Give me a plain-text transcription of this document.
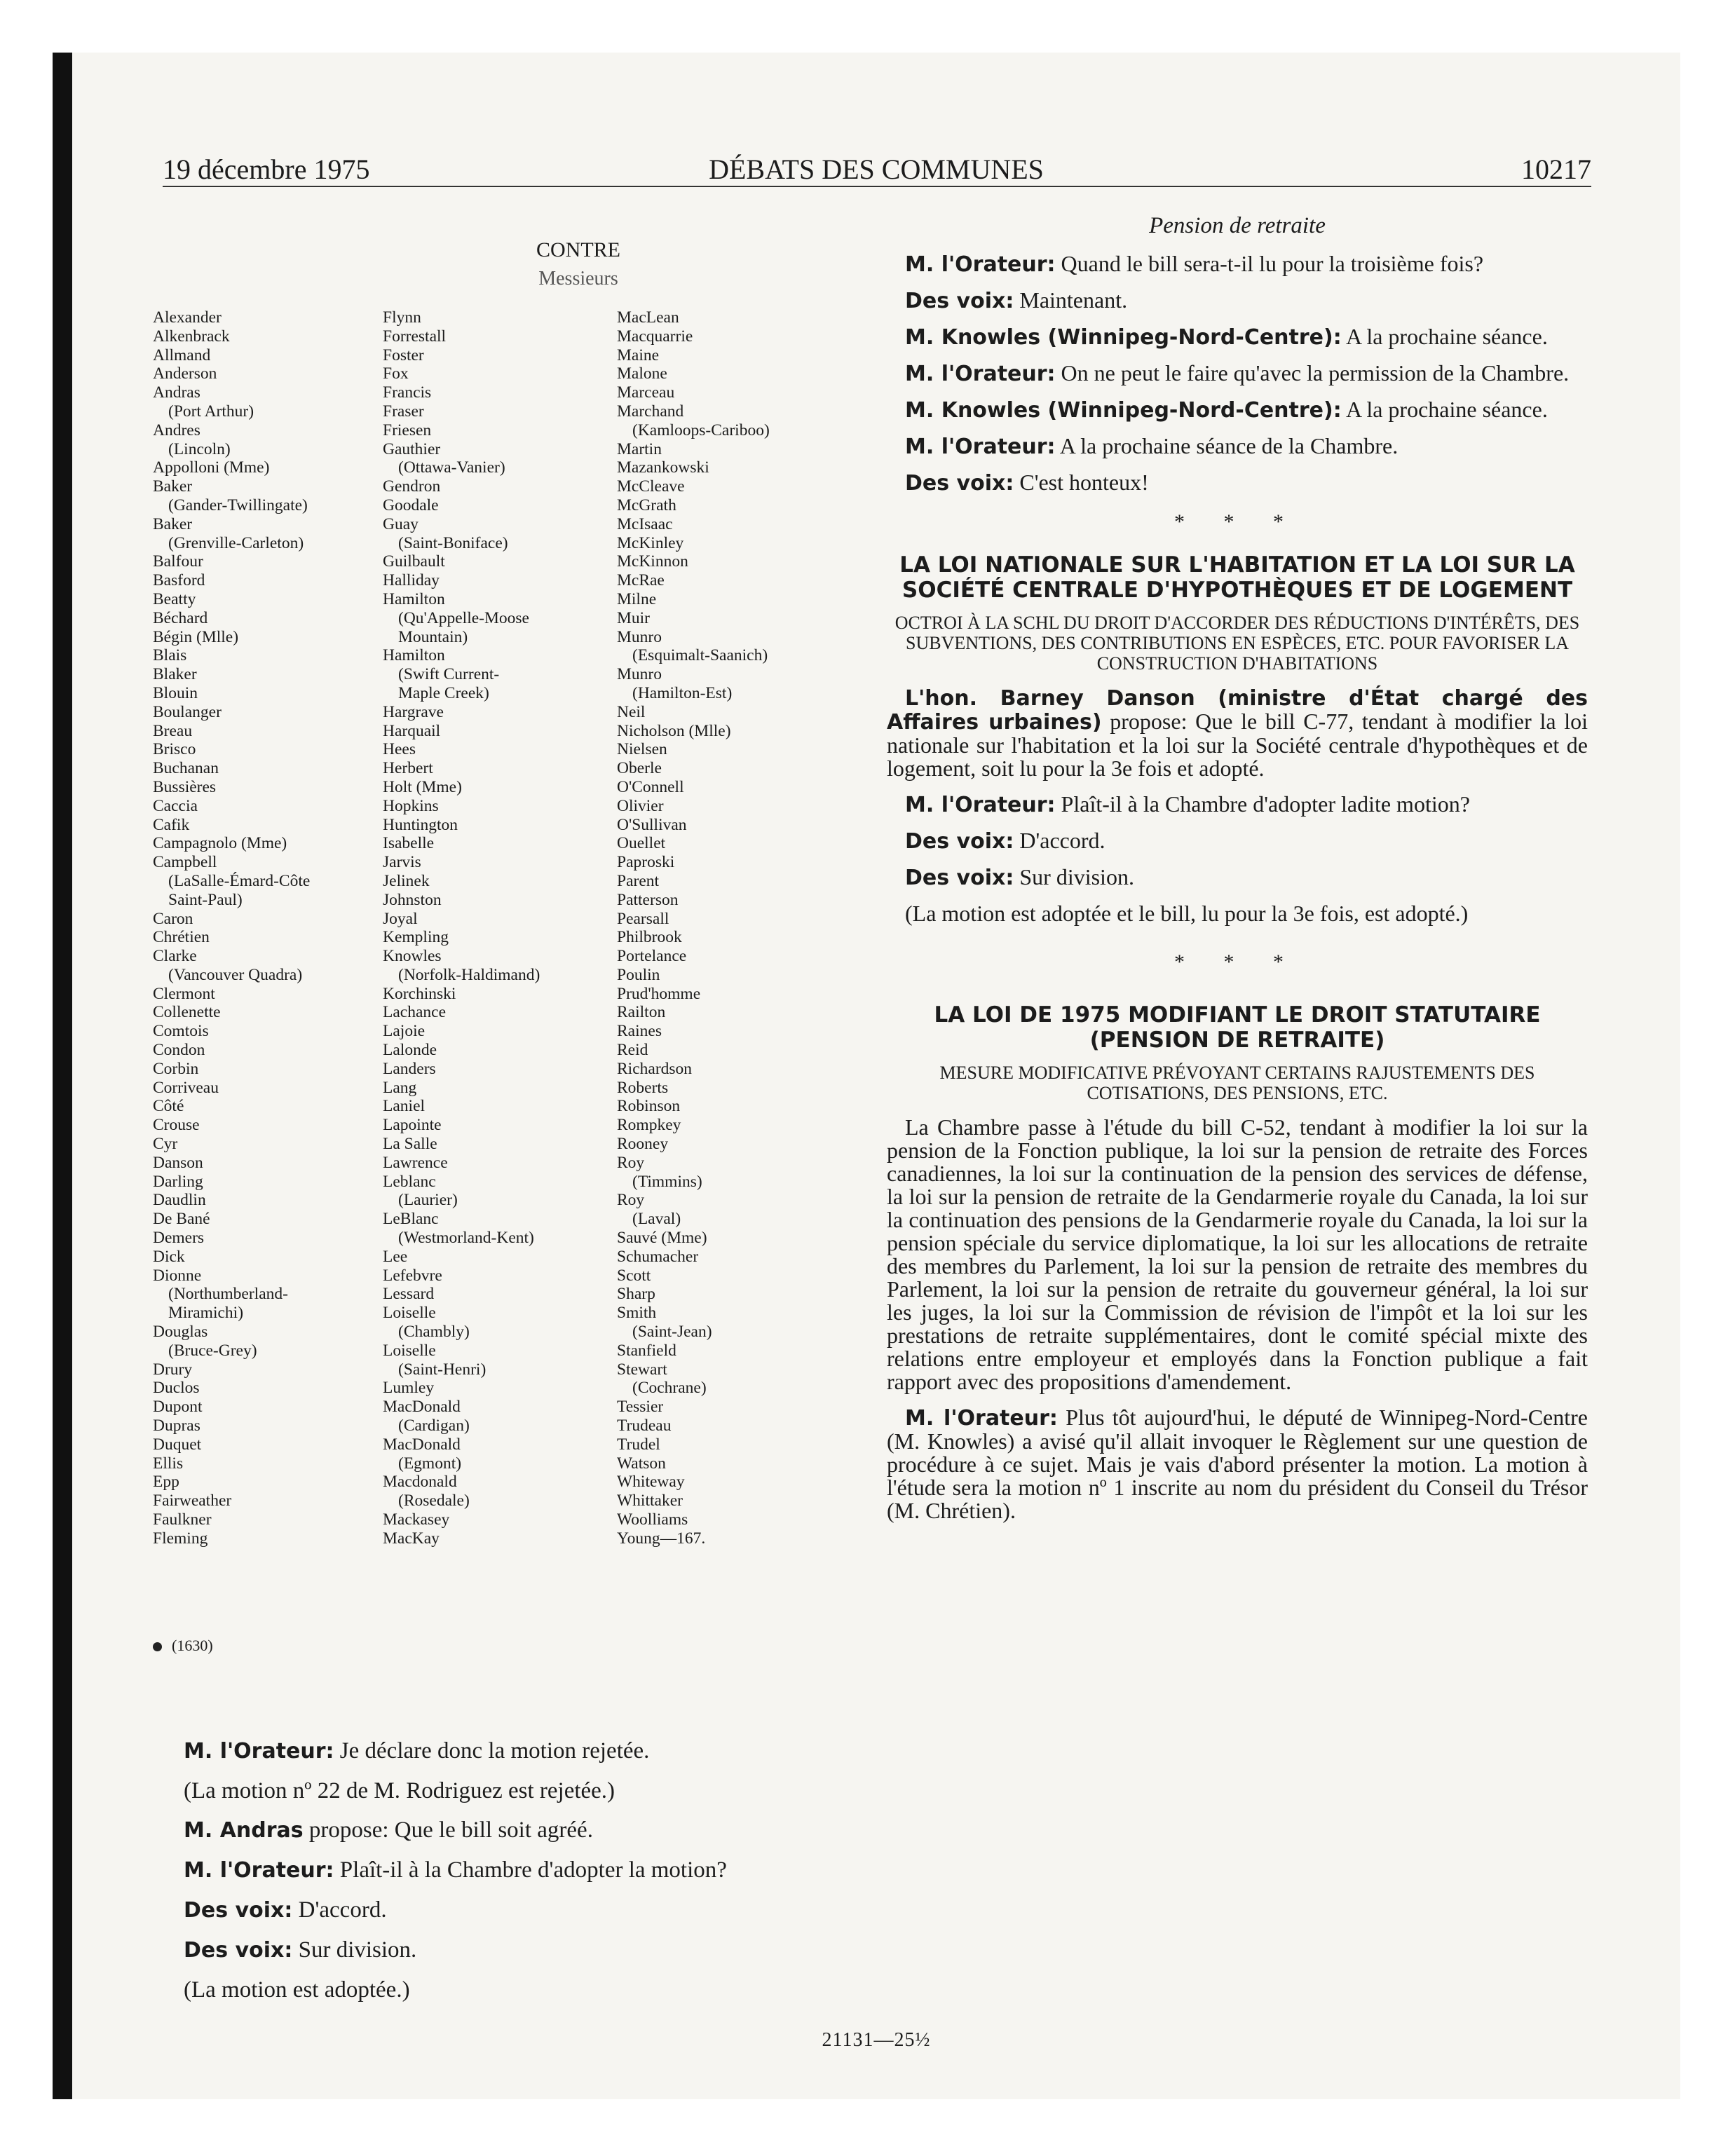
19 décembre 1975	DÉBATS DES COMMUNES	10217
CONTRE
Messieurs
Alexander
Alkenbrack
Allmand
Anderson
Andras
(Port Arthur)
Andres
(Lincoln)
Appolloni (Mme)
Baker
(Gander-Twillingate)
Baker
(Grenville-Carleton)
Balfour
Basford
Beatty
Béchard
Bégin (Mlle)
Blais
Blaker
Blouin
Boulanger
Breau
Brisco
Buchanan
Bussières
Caccia
Cafik
Campagnolo (Mme)
Campbell
(LaSalle-Émard-Côte
Saint-Paul)
Caron
Chrétien
Clarke
(Vancouver Quadra)
Clermont
Collenette
Comtois
Condon
Corbin
Corriveau
Côté
Crouse
Cyr
Danson
Darling
Daudlin
De Bané
Demers
Dick
Dionne
(Northumberland-
Miramichi)
Douglas
(Bruce-Grey)
Drury
Duclos
Dupont
Dupras
Duquet
Ellis
Epp
Fairweather
Faulkner
Fleming
Flynn
Forrestall
Foster
Fox
Francis
Fraser
Friesen
Gauthier
(Ottawa-Vanier)
Gendron
Goodale
Guay
(Saint-Boniface)
Guilbault
Halliday
Hamilton
(Qu'Appelle-Moose
Mountain)
Hamilton
(Swift Current-
Maple Creek)
Hargrave
Harquail
Hees
Herbert
Holt (Mme)
Hopkins
Huntington
Isabelle
Jarvis
Jelinek
Johnston
Joyal
Kempling
Knowles
(Norfolk-Haldimand)
Korchinski
Lachance
Lajoie
Lalonde
Landers
Lang
Laniel
Lapointe
La Salle
Lawrence
Leblanc
(Laurier)
LeBlanc
(Westmorland-Kent)
Lee
Lefebvre
Lessard
Loiselle
(Chambly)
Loiselle
(Saint-Henri)
Lumley
MacDonald
(Cardigan)
MacDonald
(Egmont)
Macdonald
(Rosedale)
Mackasey
MacKay
MacLean
Macquarrie
Maine
Malone
Marceau
Marchand
(Kamloops-Cariboo)
Martin
Mazankowski
McCleave
McGrath
McIsaac
McKinley
McKinnon
McRae
Milne
Muir
Munro
(Esquimalt-Saanich)
Munro
(Hamilton-Est)
Neil
Nicholson (Mlle)
Nielsen
Oberle
O'Connell
Olivier
O'Sullivan
Ouellet
Paproski
Parent
Patterson
Pearsall
Philbrook
Portelance
Poulin
Prud'homme
Railton
Raines
Reid
Richardson
Roberts
Robinson
Rompkey
Rooney
Roy
(Timmins)
Roy
(Laval)
Sauvé (Mme)
Schumacher
Scott
Sharp
Smith
(Saint-Jean)
Stanfield
Stewart
(Cochrane)
Tessier
Trudeau
Trudel
Watson
Whiteway
Whittaker
Woolliams
Young—167.
(1630)

M. l'Orateur: Je déclare donc la motion rejetée.

(La motion nº 22 de M. Rodriguez est rejetée.)

M. Andras propose: Que le bill soit agréé.

M. l'Orateur: Plaît-il à la Chambre d'adopter la motion?

Des voix: D'accord.

Des voix: Sur division.

(La motion est adoptée.)

Pension de retraite

M. l'Orateur: Quand le bill sera-t-il lu pour la troisième fois?

Des voix: Maintenant.

M. Knowles (Winnipeg-Nord-Centre): A la prochaine séance.

M. l'Orateur: On ne peut le faire qu'avec la permission de la Chambre.

M. Knowles (Winnipeg-Nord-Centre): A la prochaine séance.

M. l'Orateur: A la prochaine séance de la Chambre.

Des voix: C'est honteux!

* * *
LA LOI NATIONALE SUR L'HABITATION ET LA LOI SUR LA SOCIÉTÉ CENTRALE D'HYPOTHÈQUES ET DE LOGEMENT
OCTROI À LA SCHL DU DROIT D'ACCORDER DES RÉDUCTIONS D'INTÉRÊTS, DES SUBVENTIONS, DES CONTRIBUTIONS EN ESPÈCES, ETC. POUR FAVORISER LA CONSTRUCTION D'HABITATIONS

L'hon. Barney Danson (ministre d'État chargé des Affaires urbaines) propose: Que le bill C-77, tendant à modifier la loi nationale sur l'habitation et la loi sur la Société centrale d'hypothèques et de logement, soit lu pour la 3e fois et adopté.

M. l'Orateur: Plaît-il à la Chambre d'adopter ladite motion?

Des voix: D'accord.

Des voix: Sur division.

(La motion est adoptée et le bill, lu pour la 3e fois, est adopté.)

* * *
LA LOI DE 1975 MODIFIANT LE DROIT STATUTAIRE (PENSION DE RETRAITE)
MESURE MODIFICATIVE PRÉVOYANT CERTAINS RAJUSTEMENTS DES COTISATIONS, DES PENSIONS, ETC.

La Chambre passe à l'étude du bill C-52, tendant à modifier la loi sur la pension de la Fonction publique, la loi sur la pension de retraite des Forces canadiennes, la loi sur la continuation de la pension des services de défense, la loi sur la pension de retraite de la Gendarmerie royale du Canada, la loi sur la continuation des pensions de la Gendarmerie royale du Canada, la loi sur la pension spéciale du service diplomatique, la loi sur les allocations de retraite des membres du Parlement, la loi sur la pension de retraite des membres du Parlement, la loi sur la pension de retraite du gouverneur général, la loi sur les juges, la loi sur la Commission de révision de l'impôt et la loi sur les prestations de retraite supplémentaires, dont le comité spécial mixte des relations entre employeur et employés dans la Fonction publique a fait rapport avec des propositions d'amendement.

M. l'Orateur: Plus tôt aujourd'hui, le député de Winnipeg-Nord-Centre (M. Knowles) a avisé qu'il allait invoquer le Règlement sur une question de procédure à ce sujet. Mais je vais d'abord présenter la motion. La motion à l'étude sera la motion nº 1 inscrite au nom du président du Conseil du Trésor (M. Chrétien).

21131—25½
